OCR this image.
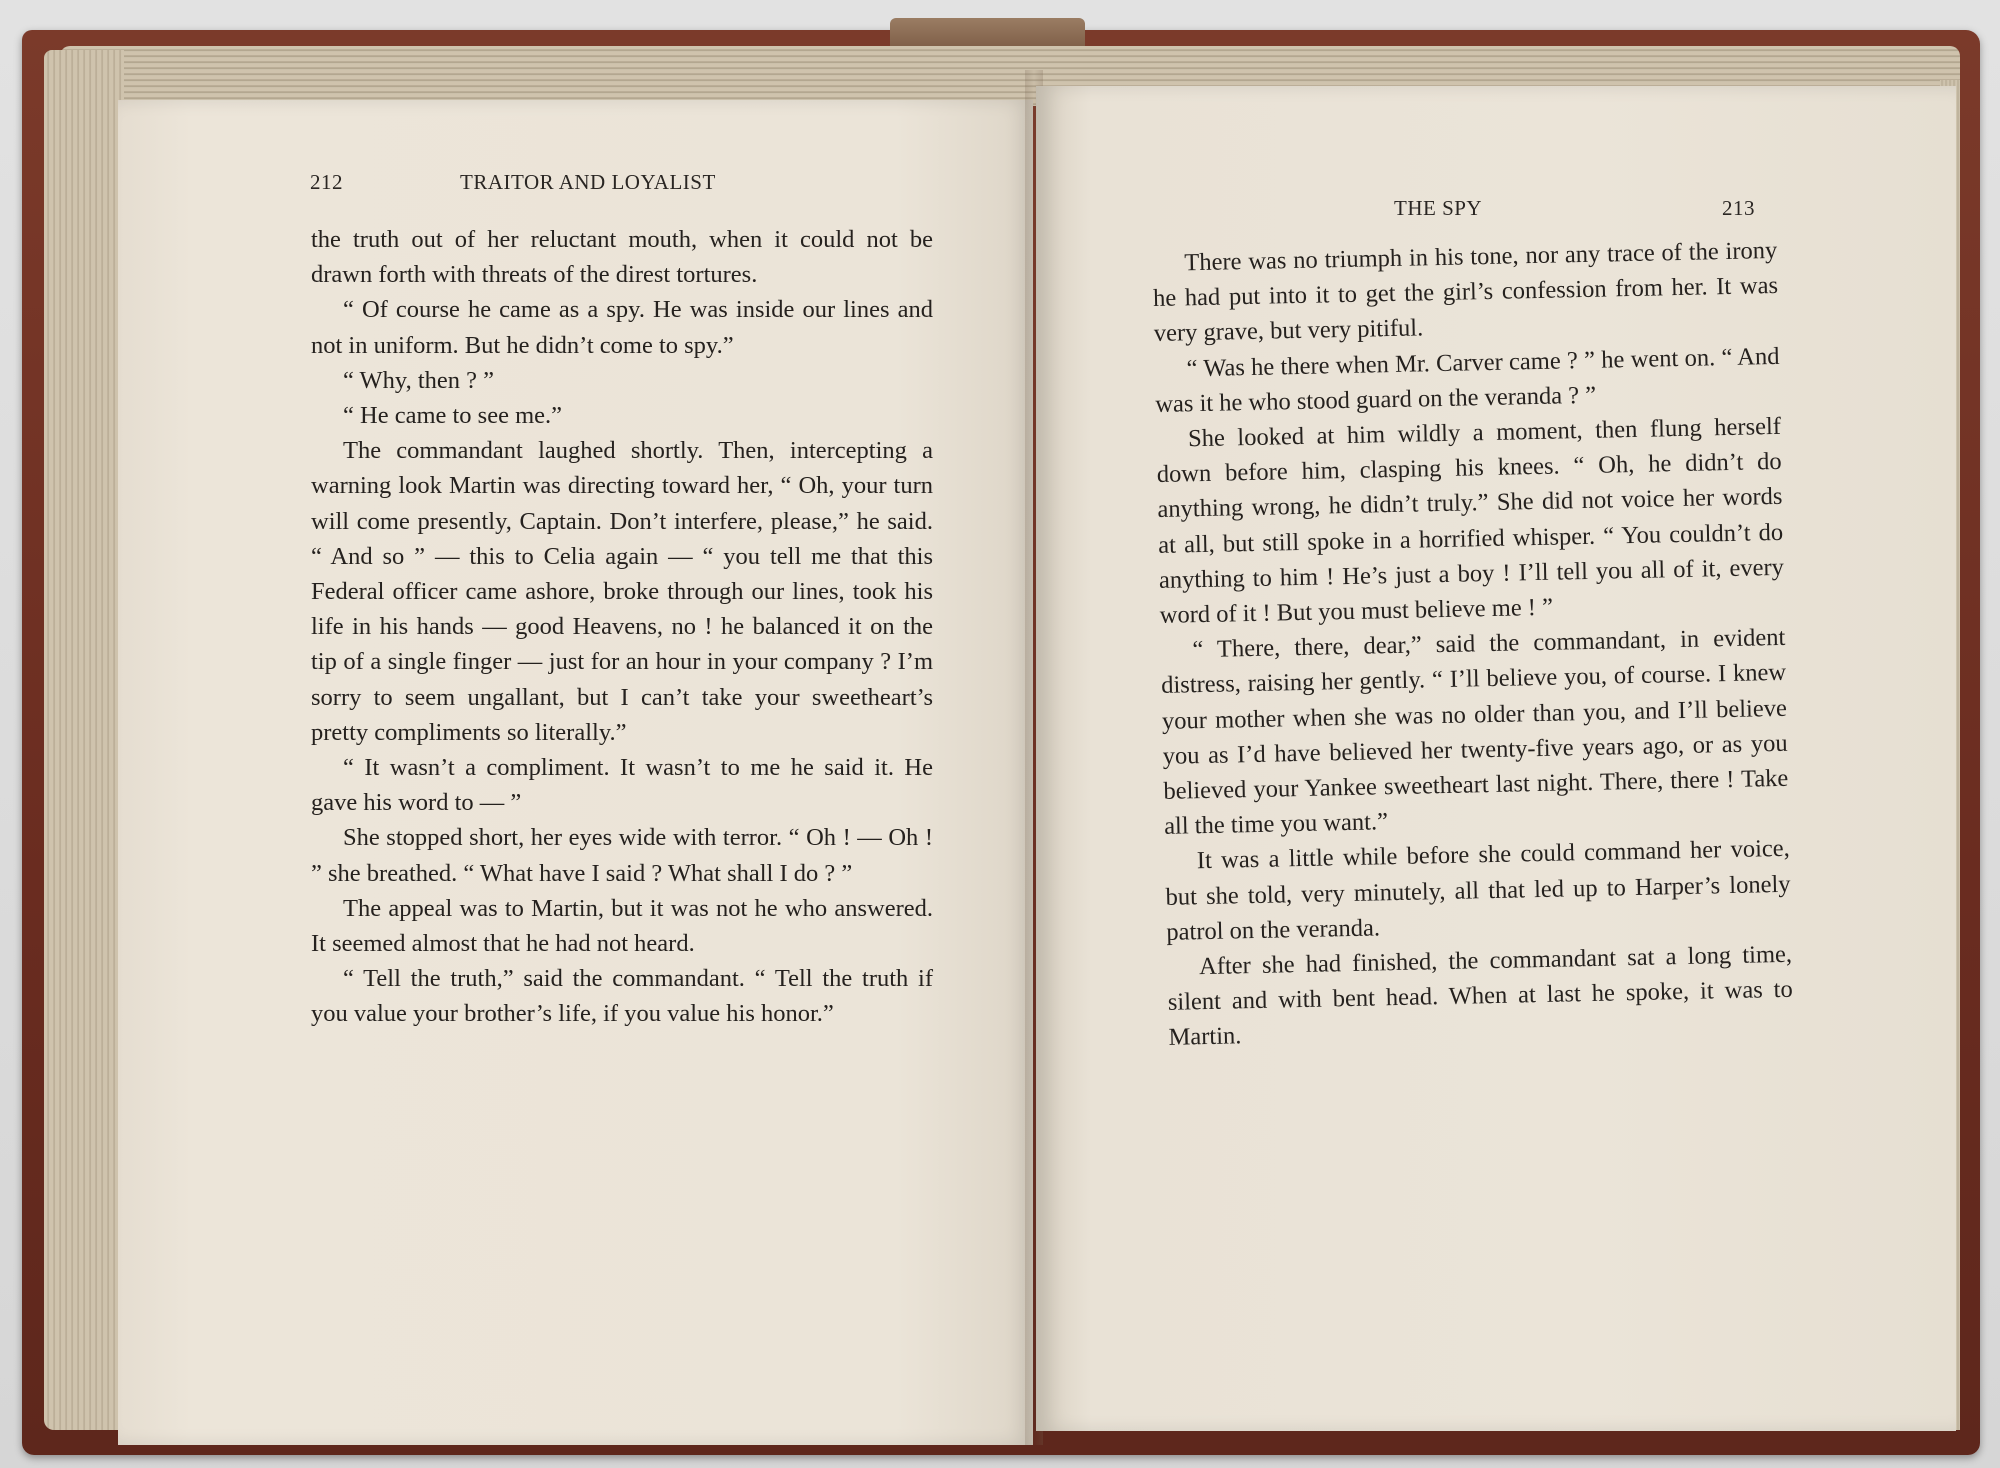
212	TRAITOR AND LOYALIST

the truth out of her reluctant mouth, when it could not be drawn forth with threats of the direst tortures.

“ Of course he came as a spy. He was inside our lines and not in uniform. But he didn’t come to spy.”

“ Why, then ? ”

“ He came to see me.”

The commandant laughed shortly. Then, intercepting a warning look Martin was directing toward her, “ Oh, your turn will come presently, Captain. Don’t interfere, please,” he said. “ And so ” — this to Celia again — “ you tell me that this Federal officer came ashore, broke through our lines, took his life in his hands — good Heavens, no ! he balanced it on the tip of a single finger — just for an hour in your company ? I’m sorry to seem ungallant, but I can’t take your sweetheart’s pretty compliments so literally.”

“ It wasn’t a compliment. It wasn’t to me he said it. He gave his word to — ”

She stopped short, her eyes wide with terror. “ Oh ! — Oh ! ” she breathed. “ What have I said ? What shall I do ? ”

The appeal was to Martin, but it was not he who answered. It seemed almost that he had not heard.

“ Tell the truth,” said the commandant. “ Tell the truth if you value your brother’s life, if you value his honor.”

THE SPY	213

There was no triumph in his tone, nor any trace of the irony he had put into it to get the girl’s confession from her. It was very grave, but very pitiful.

“ Was he there when Mr. Carver came ? ” he went on. “ And was it he who stood guard on the veranda ? ”

She looked at him wildly a moment, then flung herself down before him, clasping his knees. “ Oh, he didn’t do anything wrong, he didn’t truly.” She did not voice her words at all, but still spoke in a horrified whisper. “ You couldn’t do anything to him ! He’s just a boy ! I’ll tell you all of it, every word of it ! But you must believe me ! ”

“ There, there, dear,” said the commandant, in evident distress, raising her gently. “ I’ll believe you, of course. I knew your mother when she was no older than you, and I’ll believe you as I’d have believed her twenty-five years ago, or as you believed your Yankee sweetheart last night. There, there ! Take all the time you want.”

It was a little while before she could command her voice, but she told, very minutely, all that led up to Harper’s lonely patrol on the veranda.

After she had finished, the commandant sat a long time, silent and with bent head. When at last he spoke, it was to Martin.
